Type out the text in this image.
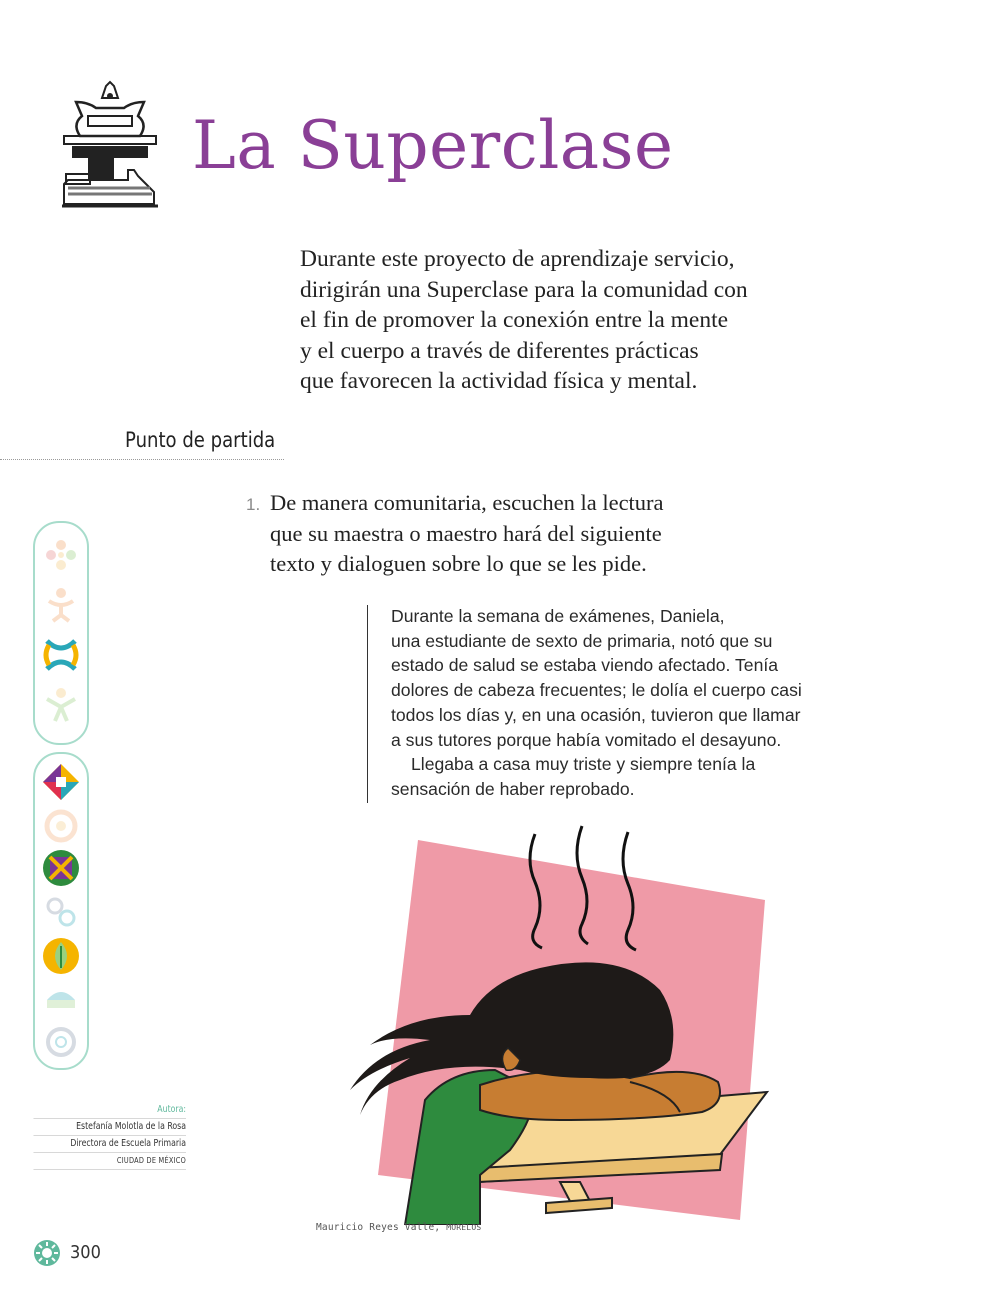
La Superclase

Durante este proyecto de aprendizaje servicio,

dirigirán una Superclase para la comunidad con

el fin de promover la conexión entre la mente

y el cuerpo a través de diferentes prácticas

que favorecen la actividad física y mental.

Punto de partida
1. De manera comunitaria, escuchen la lectura

que su maestra o maestro hará del siguiente

texto y dialoguen sobre lo que se les pide.

Durante la semana de exámenes, Daniela,

una estudiante de sexto de primaria, notó que su

estado de salud se estaba viendo afectado. Tenía

dolores de cabeza frecuentes; le dolía el cuerpo casi

todos los días y, en una ocasión, tuvieron que llamar

a sus tutores porque había vomitado el desayuno.

Llegaba a casa muy triste y siempre tenía la

sensación de haber reprobado.

Mauricio Reyes Valle, MORELOS
Autora:
Estefanía Molotla de la Rosa
Directora de Escuela Primaria
CIUDAD DE MÉXICO
300
